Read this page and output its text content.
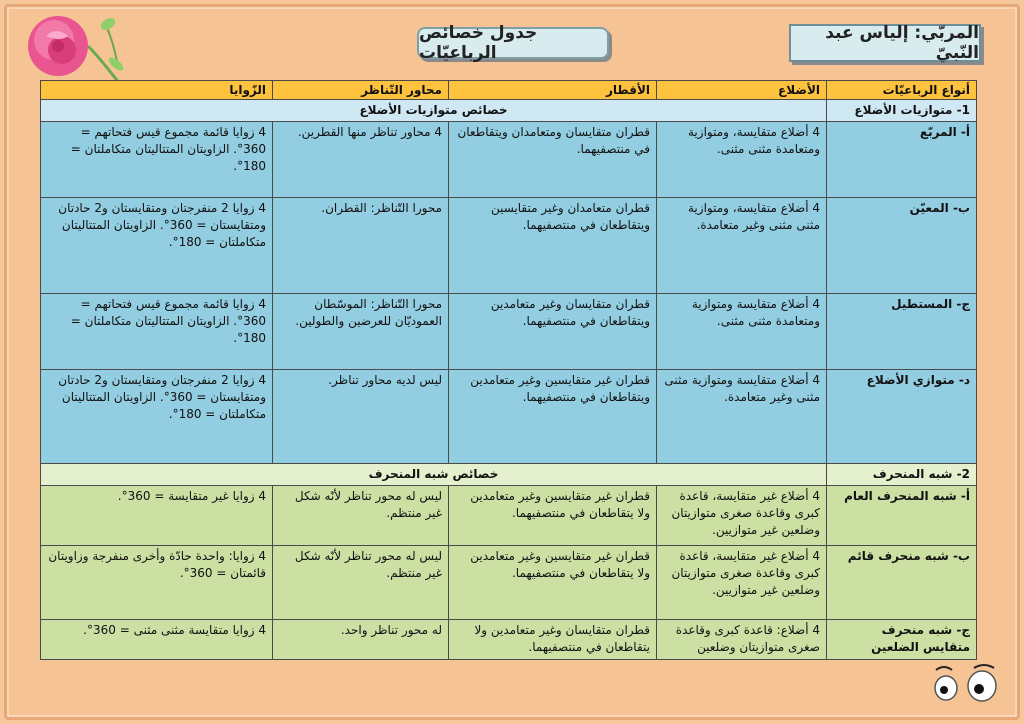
جدول خصائص الرباعيّات
المربّي: إلياس عبد النّبيّ
أنواع الرباعيّات	الأضلاع	الأقطار	محاور التّناظر	الزّوايا
1- متوازيات الأضلاع	خصائص متوازيات الأضلاع			
أ- المربّع	4 أضلاع متقايسة، ومتوازية ومتعامدة مثنى مثنى.	قطران متقايسان ومتعامدان ويتقاطعان في منتصفيهما.	4 محاور تناظر منها القطرين.	4 زوايا قائمة مجموع قيس فتحاتهم = 360°. الزاويتان المتتاليتان متكاملتان = 180°.
ب- المعيّن	4 أضلاع متقايسة، ومتوازية مثنى مثنى وغير متعامدة.	قطران متعامدان وغير متقايسين ويتقاطعان في منتصفيهما.	محورا التّناظر: القطران.	4 زوايا 2 منفرجتان ومتقايستان و2 حادتان ومتقايستان = 360°. الزاويتان المتتاليتان متكاملتان = 180°.
ج- المستطيل	4 أضلاع متقايسة ومتوازية ومتعامدة مثنى مثنى.	قطران متقايسان وغير متعامدين ويتقاطعان في منتصفيهما.	محورا التّناظر: الموسّطان العموديّان للعرضين والطولين.	4 زوايا قائمة مجموع قيس فتحاتهم = 360°. الزاويتان المتتاليتان متكاملتان = 180°.
د- متوازي الأضلاع	4 أضلاع متقايسة ومتوازية مثنى مثنى وغير متعامدة.	قطران غير متقايسين وغير متعامدين ويتقاطعان في منتصفيهما.	ليس لديه محاور تناظر.	4 زوايا 2 منفرجتان ومتقايستان و2 حادتان ومتقايستان = 360°. الزاويتان المتتاليتان متكاملتان = 180°.
2- شبه المنحرف	خصائص شبه المنحرف			
أ- شبه المنحرف العام	4 أضلاع غير متقايسة، قاعدة كبرى وقاعدة صغرى متوازيتان وضلعين غير متوازيين.	قطران غير متقايسين وغير متعامدين ولا يتقاطعان في منتصفيهما.	ليس له محور تناظر لأنّه شكل غير منتظم.	4 زوايا غير متقايسة = 360°.
ب- شبه منحرف قائم	4 أضلاع غير متقايسة، قاعدة كبرى وقاعدة صغرى متوازيتان وضلعين غير متوازيين.	قطران غير متقايسين وغير متعامدين ولا يتقاطعان في منتصفيهما.	ليس له محور تناظر لأنّه شكل غير منتظم.	4 زوايا: واحدة حادّة وأخرى منفرجة وزاويتان قائمتان = 360°.
ج- شبه منحرف متقايس الضلعين	4 أضلاع: قاعدة كبرى وقاعدة صغرى متوازيتان وضلعين	قطران متقايسان وغير متعامدين ولا يتقاطعان في منتصفيهما.	له محور تناظر واحد.	4 زوايا متقايسة مثنى مثنى = 360°.
